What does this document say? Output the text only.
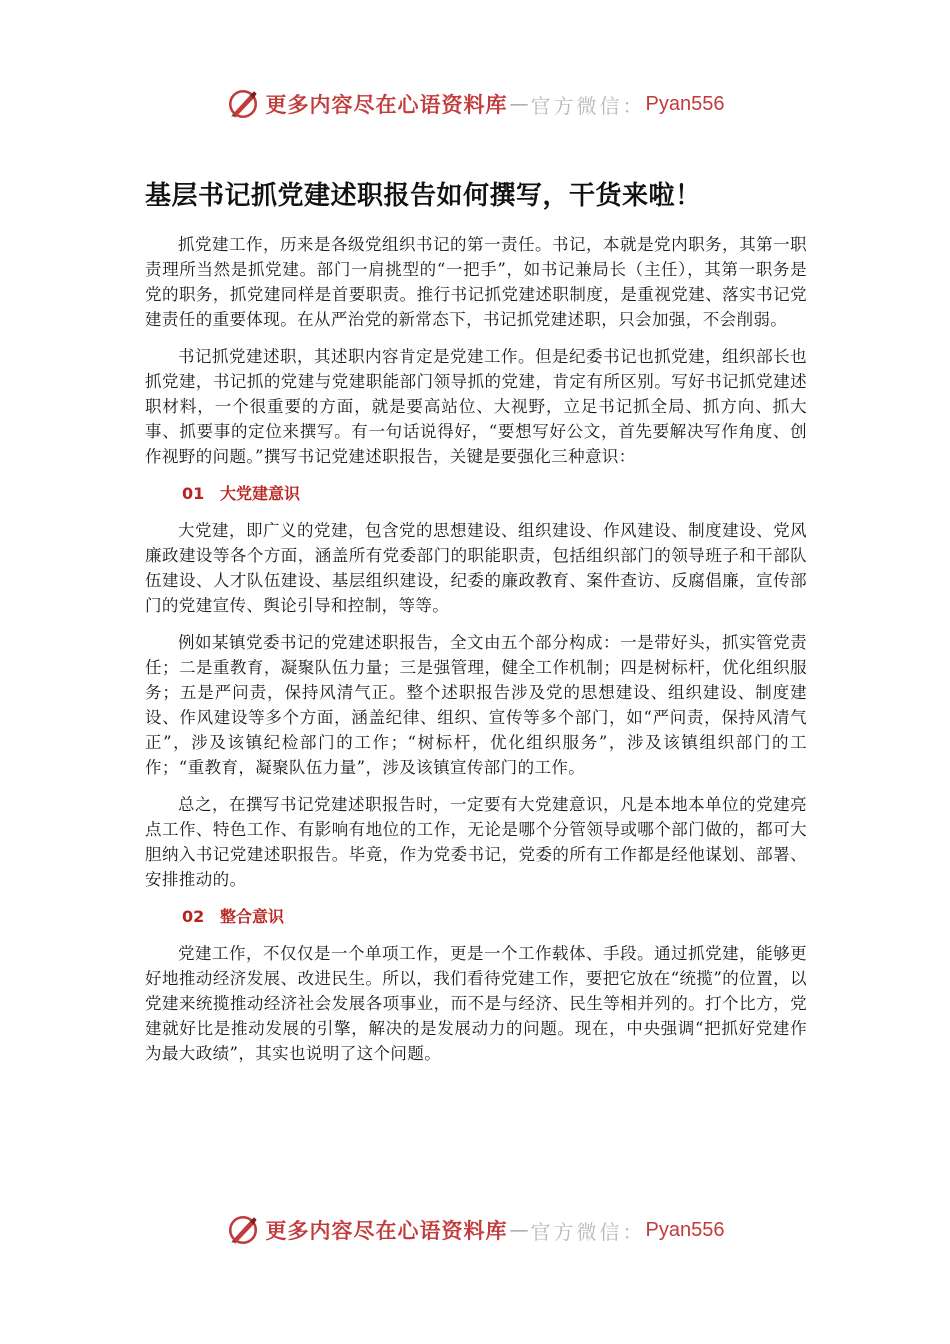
更多内容尽在心语资料库 — 官方微信： Pyan556
基层书记抓党建述职报告如何撰写，干货来啦！

抓党建工作，历来是各级党组织书记的第一责任。书记，本就是党内职务，其第一职责理所当然是抓党建。部门一肩挑型的“一把手”，如书记兼局长（主任），其第一职务是党的职务，抓党建同样是首要职责。推行书记抓党建述职制度，是重视党建、落实书记党建责任的重要体现。在从严治党的新常态下，书记抓党建述职，只会加强，不会削弱。

书记抓党建述职，其述职内容肯定是党建工作。但是纪委书记也抓党建，组织部长也抓党建，书记抓的党建与党建职能部门领导抓的党建，肯定有所区别。写好书记抓党建述职材料，一个很重要的方面，就是要高站位、大视野，立足书记抓全局、抓方向、抓大事、抓要事的定位来撰写。有一句话说得好，“要想写好公文，首先要解决写作角度、创作视野的问题。”撰写书记党建述职报告，关键是要强化三种意识：

01 大党建意识

大党建，即广义的党建，包含党的思想建设、组织建设、作风建设、制度建设、党风廉政建设等各个方面，涵盖所有党委部门的职能职责，包括组织部门的领导班子和干部队伍建设、人才队伍建设、基层组织建设，纪委的廉政教育、案件查访、反腐倡廉，宣传部门的党建宣传、舆论引导和控制，等等。

例如某镇党委书记的党建述职报告，全文由五个部分构成：一是带好头，抓实管党责任；二是重教育，凝聚队伍力量；三是强管理，健全工作机制；四是树标杆，优化组织服务；五是严问责，保持风清气正。整个述职报告涉及党的思想建设、组织建设、制度建设、作风建设等多个方面，涵盖纪律、组织、宣传等多个部门，如“严问责，保持风清气正”，涉及该镇纪检部门的工作；“树标杆，优化组织服务”，涉及该镇组织部门的工作；“重教育，凝聚队伍力量”，涉及该镇宣传部门的工作。

总之，在撰写书记党建述职报告时，一定要有大党建意识，凡是本地本单位的党建亮点工作、特色工作、有影响有地位的工作，无论是哪个分管领导或哪个部门做的，都可大胆纳入书记党建述职报告。毕竟，作为党委书记，党委的所有工作都是经他谋划、部署、安排推动的。

02 整合意识

党建工作，不仅仅是一个单项工作，更是一个工作载体、手段。通过抓党建，能够更好地推动经济发展、改进民生。所以，我们看待党建工作，要把它放在“统揽”的位置，以党建来统揽推动经济社会发展各项事业，而不是与经济、民生等相并列的。打个比方，党建就好比是推动发展的引擎，解决的是发展动力的问题。现在，中央强调“把抓好党建作为最大政绩”，其实也说明了这个问题。

更多内容尽在心语资料库 — 官方微信： Pyan556
